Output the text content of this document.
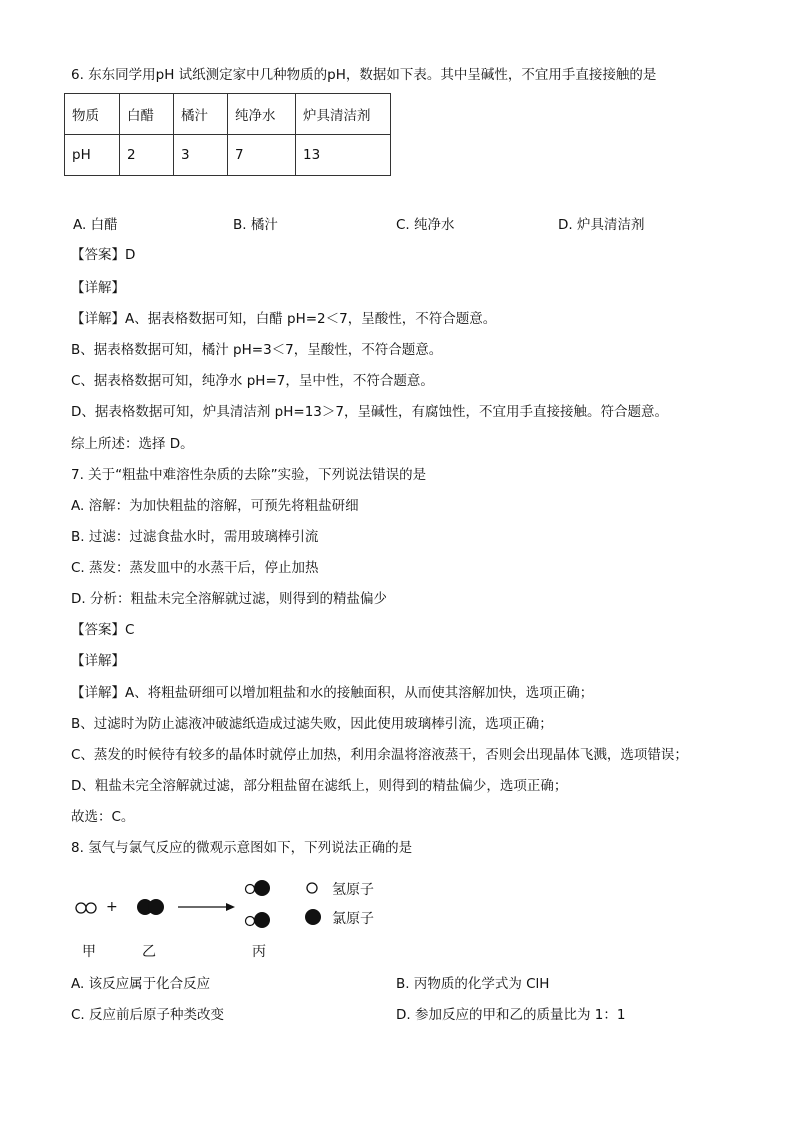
6. 东东同学用pH 试纸测定家中几种物质的pH，数据如下表。其中呈碱性，不宜用手直接接触的是
物质	白醋	橘汁	纯净水	炉具清洁剂
pH	2	3	7	13
A. 白醋	B. 橘汁	C. 纯净水	D. 炉具清洁剂
【答案】D
【详解】
【详解】A、据表格数据可知，白醋 pH=2＜7，呈酸性，不符合题意。
B、据表格数据可知，橘汁 pH=3＜7，呈酸性，不符合题意。
C、据表格数据可知，纯净水 pH=7，呈中性，不符合题意。
D、据表格数据可知，炉具清洁剂 pH=13＞7，呈碱性，有腐蚀性，不宜用手直接接触。符合题意。
综上所述：选择 D。
7. 关于“粗盐中难溶性杂质的去除”实验，下列说法错误的是
A. 溶解：为加快粗盐的溶解，可预先将粗盐研细
B. 过滤：过滤食盐水时，需用玻璃棒引流
C. 蒸发：蒸发皿中的水蒸干后，停止加热
D. 分析：粗盐未完全溶解就过滤，则得到的精盐偏少
【答案】C
【详解】
【详解】A、将粗盐研细可以增加粗盐和水的接触面积，从而使其溶解加快，选项正确；
B、过滤时为防止滤液冲破滤纸造成过滤失败，因此使用玻璃棒引流，选项正确；
C、蒸发的时候待有较多的晶体时就停止加热，利用余温将溶液蒸干，否则会出现晶体飞溅，选项错误；
D、粗盐未完全溶解就过滤，部分粗盐留在滤纸上，则得到的精盐偏少，选项正确；
故选：C。
8. 氢气与氯气反应的微观示意图如下，下列说法正确的是
+
甲	乙	丙
氢原子
氯原子
A. 该反应属于化合反应	B. 丙物质的化学式为 ClH
C. 反应前后原子种类改变	D. 参加反应的甲和乙的质量比为 1：1
